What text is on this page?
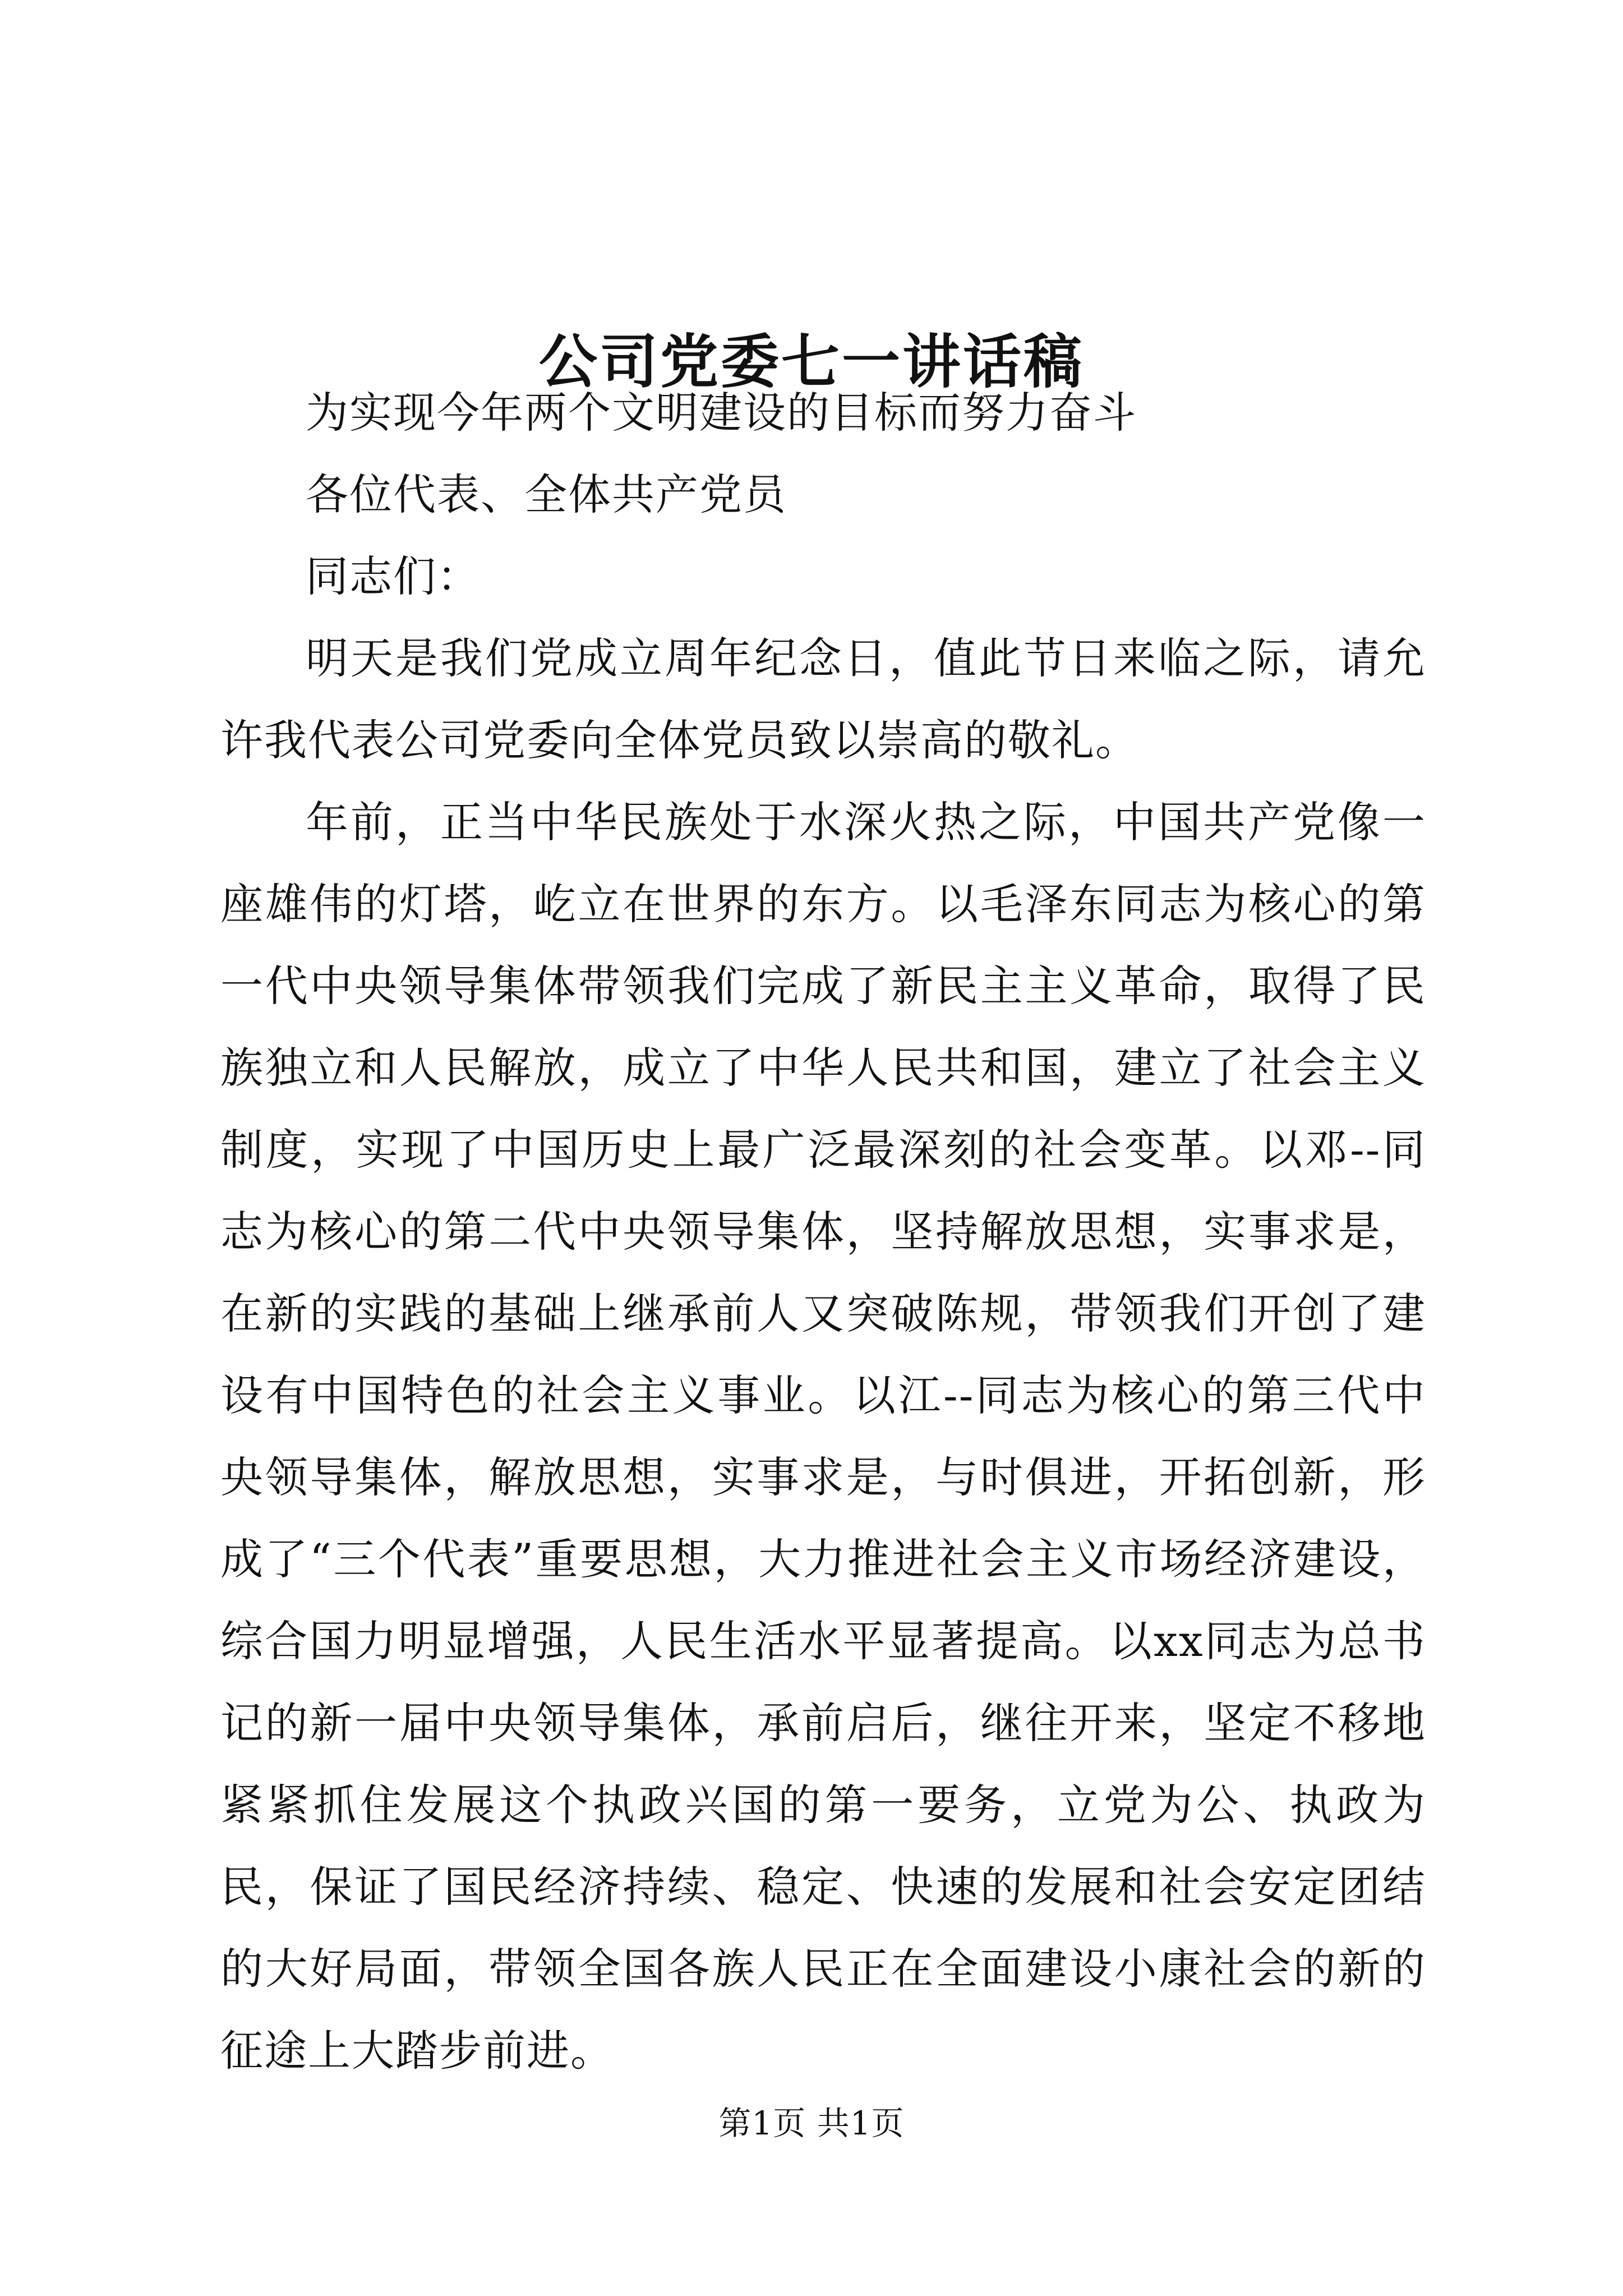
公司党委七一讲话稿

为实现今年两个文明建设的目标而努力奋斗

各位代表、全体共产党员

同志们：

明天是我们党成立周年纪念日，值此节日来临之际，请允许我代表公司党委向全体党员致以崇高的敬礼。

年前，正当中华民族处于水深火热之际，中国共产党像一座雄伟的灯塔，屹立在世界的东方。以毛泽东同志为核心的第一代中央领导集体带领我们完成了新民主主义革命，取得了民族独立和人民解放，成立了中华人民共和国，建立了社会主义制度，实现了中国历史上最广泛最深刻的社会变革。以邓--同志为核心的第二代中央领导集体，坚持解放思想，实事求是，在新的实践的基础上继承前人又突破陈规，带领我们开创了建设有中国特色的社会主义事业。以江--同志为核心的第三代中央领导集体，解放思想，实事求是，与时俱进，开拓创新，形成了“三个代表”重要思想，大力推进社会主义市场经济建设，综合国力明显增强，人民生活水平显著提高。以xx同志为总书记的新一届中央领导集体，承前启后，继往开来，坚定不移地紧紧抓住发展这个执政兴国的第一要务，立党为公、执政为民，保证了国民经济持续、稳定、快速的发展和社会安定团结的大好局面，带领全国各族人民正在全面建设小康社会的新的征途上大踏步前进。

第1页 共1页
